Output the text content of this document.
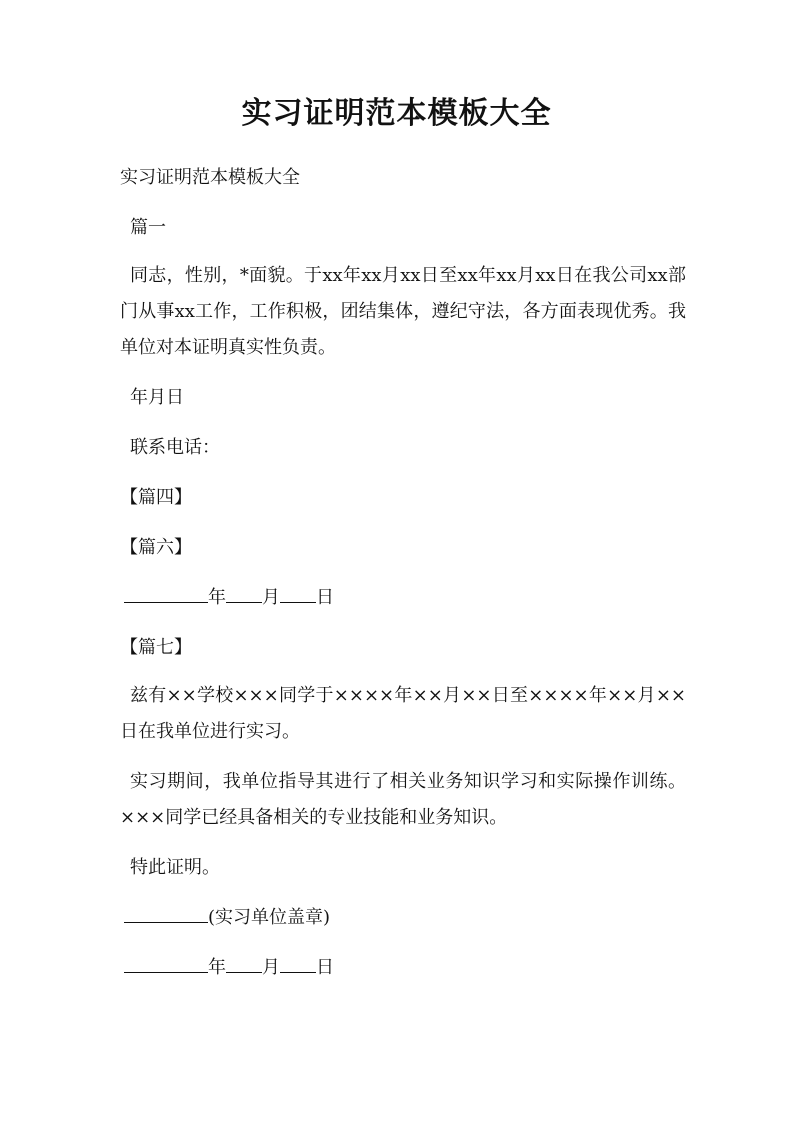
实习证明范本模板大全
实习证明范本模板大全
篇一
同志，性别，*面貌。于xx年xx月xx日至xx年xx月xx日在我公司xx部门从事xx工作，工作积极，团结集体，遵纪守法，各方面表现优秀。我单位对本证明真实性负责。
年月日
联系电话：
【篇四】
【篇六】
年 月 日
【篇七】
兹有××学校×××同学于××××年××月××日至××××年××月××日在我单位进行实习。
实习期间，我单位指导其进行了相关业务知识学习和实际操作训练。×××同学已经具备相关的专业技能和业务知识。
特此证明。
(实习单位盖章)
年 月 日
